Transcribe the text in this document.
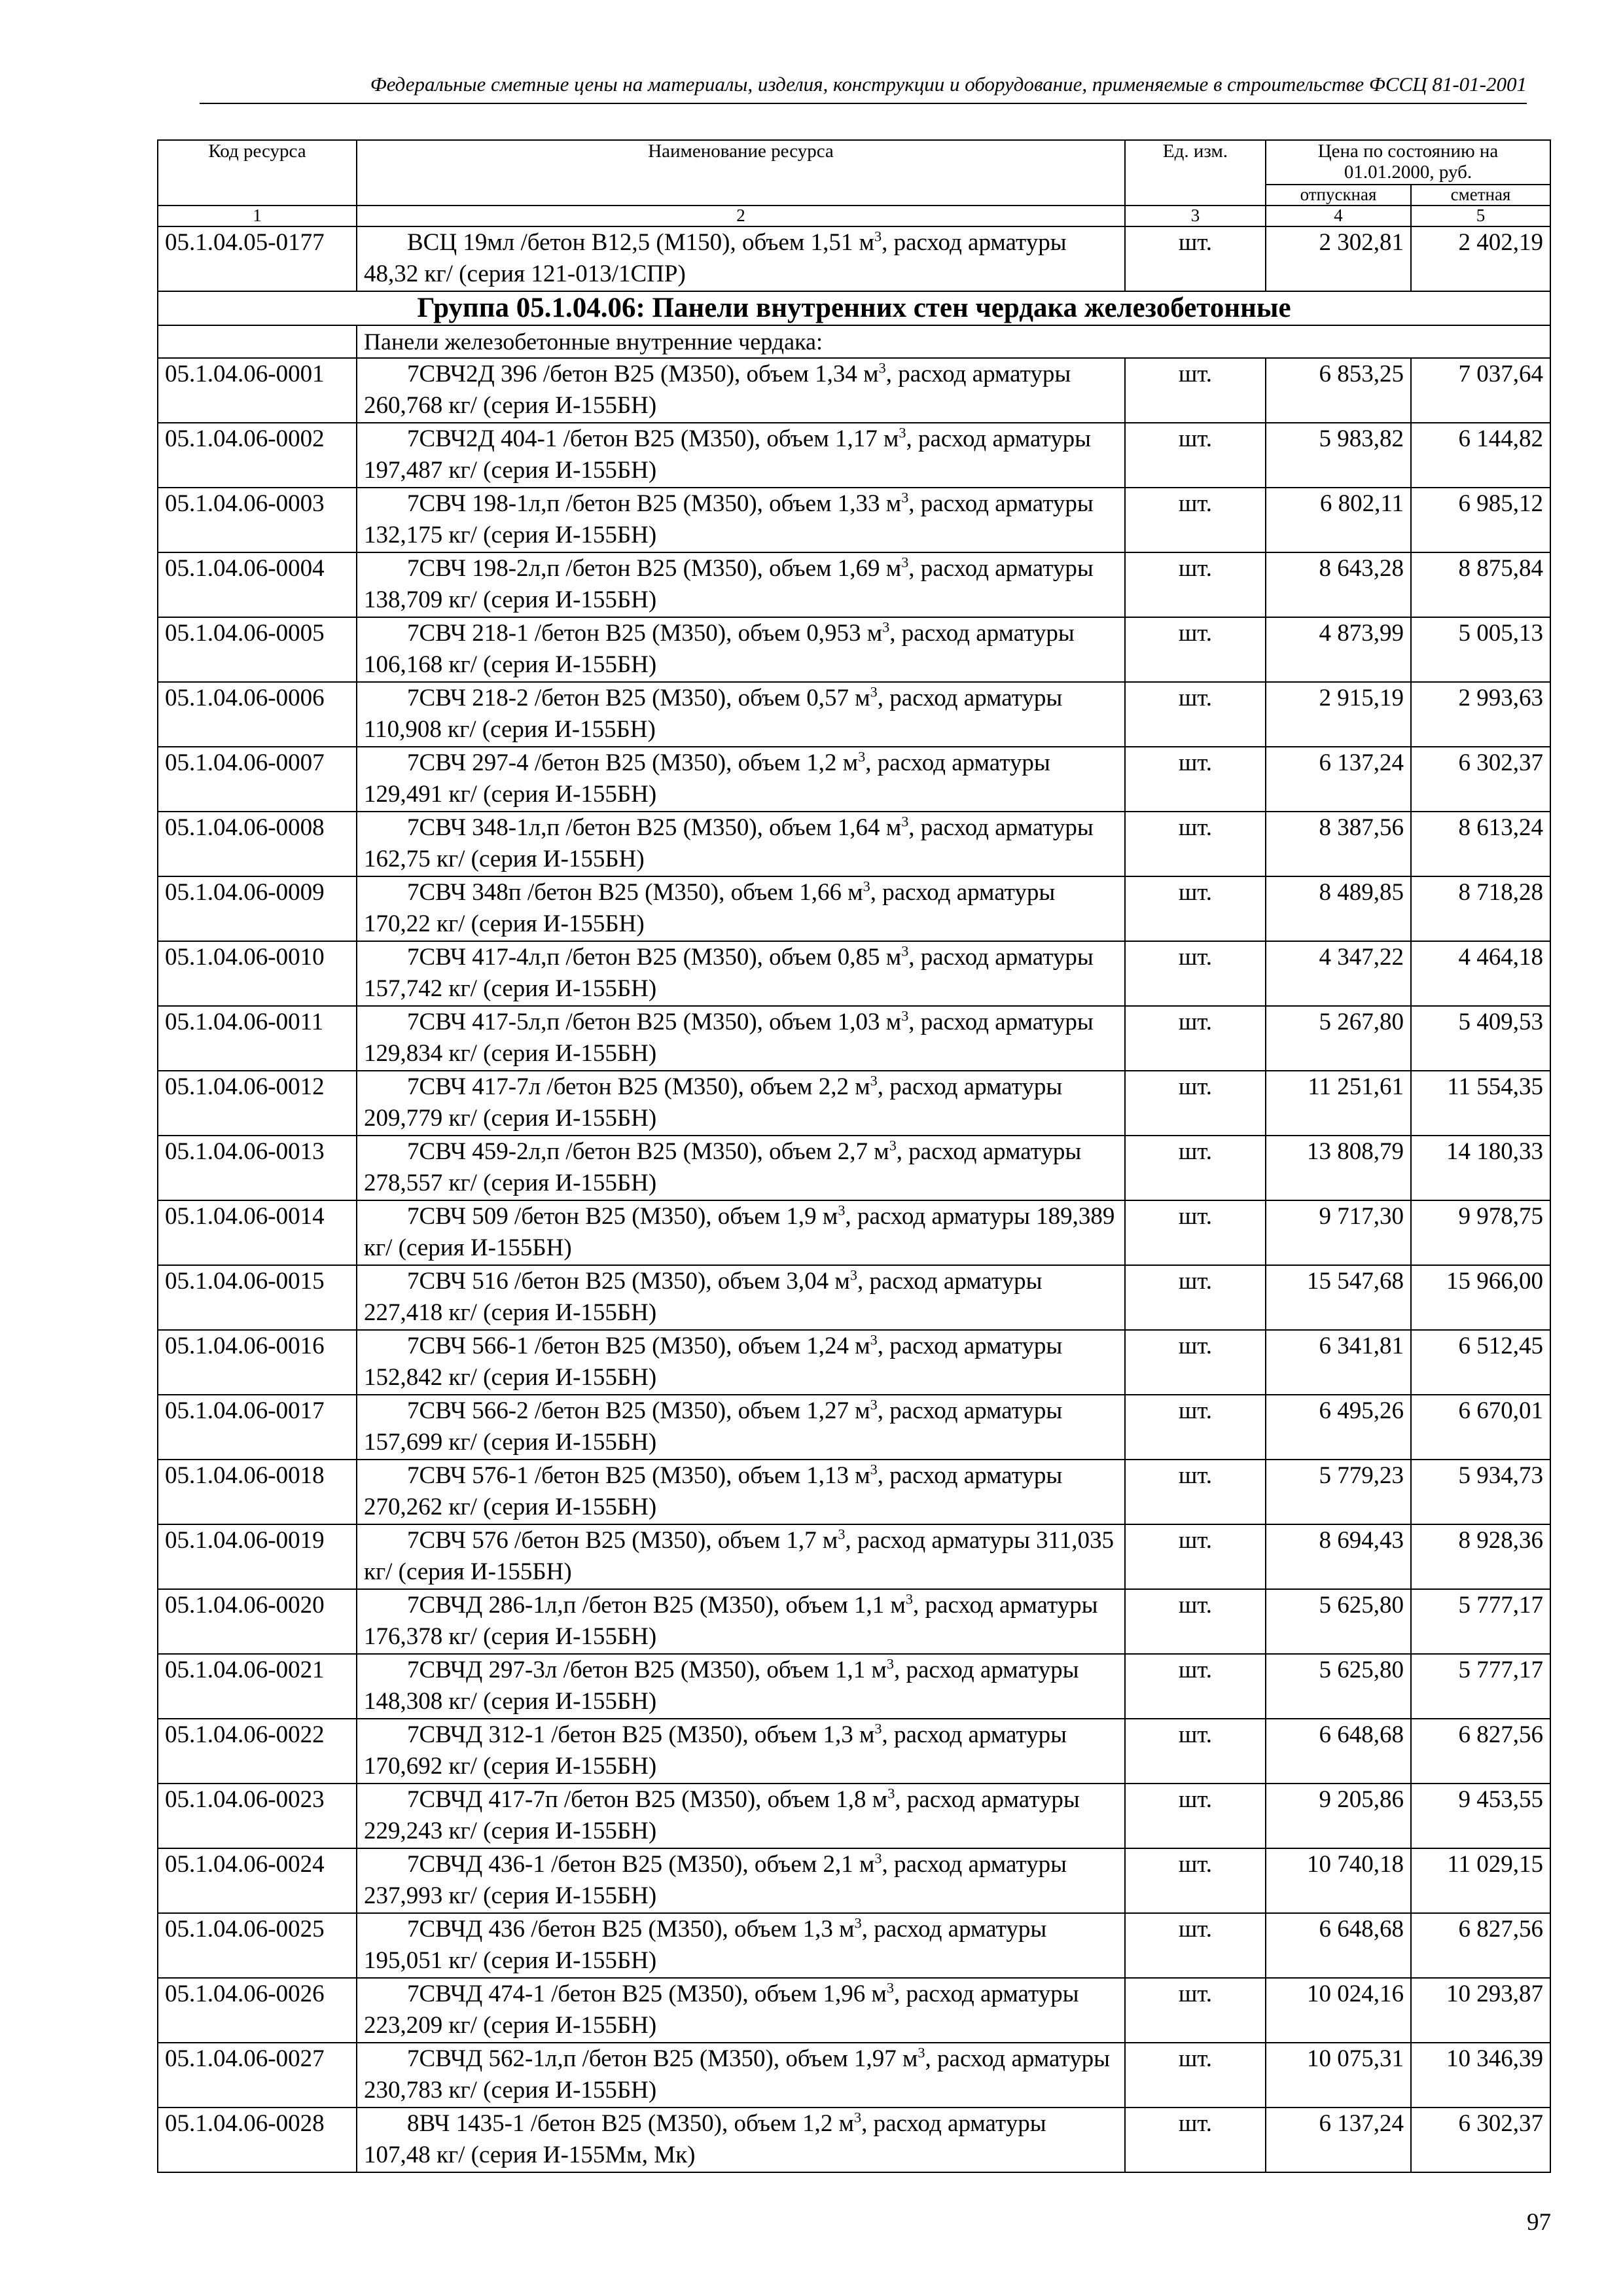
Федеральные сметные цены на материалы, изделия, конструкции и оборудование, применяемые в строительстве ФССЦ 81-01-2001
Код ресурса	Наименование ресурса	Ед. изм.	Цена по состоянию на 01.01.2000, руб.	
			отпускная	сметная
1	2	3	4	5
05.1.04.05-0177	ВСЦ 19мл /бетон В12,5 (М150), объем 1,51 $м^3$, расход арматуры 48,32 кг/ (серия 121-013/1СПР)	шт.	2 302,81	2 402,19
Группа 05.1.04.06: Панели внутренних стен чердака железобетонные				
	Панели железобетонные внутренние чердака:			
05.1.04.06-0001	7СВЧ2Д 396 /бетон В25 (М350), объем 1,34 $м^3$, расход арматуры 260,768 кг/ (серия И-155БН)	шт.	6 853,25	7 037,64
05.1.04.06-0002	7СВЧ2Д 404-1 /бетон В25 (М350), объем 1,17 $м^3$, расход арматуры 197,487 кг/ (серия И-155БН)	шт.	5 983,82	6 144,82
05.1.04.06-0003	7СВЧ 198-1л,п /бетон В25 (М350), объем 1,33 $м^3$, расход арматуры 132,175 кг/ (серия И-155БН)	шт.	6 802,11	6 985,12
05.1.04.06-0004	7СВЧ 198-2л,п /бетон В25 (М350), объем 1,69 $м^3$, расход арматуры 138,709 кг/ (серия И-155БН)	шт.	8 643,28	8 875,84
05.1.04.06-0005	7СВЧ 218-1 /бетон В25 (М350), объем 0,953 $м^3$, расход арматуры 106,168 кг/ (серия И-155БН)	шт.	4 873,99	5 005,13
05.1.04.06-0006	7СВЧ 218-2 /бетон В25 (М350), объем 0,57 $м^3$, расход арматуры 110,908 кг/ (серия И-155БН)	шт.	2 915,19	2 993,63
05.1.04.06-0007	7СВЧ 297-4 /бетон В25 (М350), объем 1,2 $м^3$, расход арматуры 129,491 кг/ (серия И-155БН)	шт.	6 137,24	6 302,37
05.1.04.06-0008	7СВЧ 348-1л,п /бетон В25 (М350), объем 1,64 $м^3$, расход арматуры 162,75 кг/ (серия И-155БН)	шт.	8 387,56	8 613,24
05.1.04.06-0009	7СВЧ 348п /бетон В25 (М350), объем 1,66 $м^3$, расход арматуры 170,22 кг/ (серия И-155БН)	шт.	8 489,85	8 718,28
05.1.04.06-0010	7СВЧ 417-4л,п /бетон В25 (М350), объем 0,85 $м^3$, расход арматуры 157,742 кг/ (серия И-155БН)	шт.	4 347,22	4 464,18
05.1.04.06-0011	7СВЧ 417-5л,п /бетон В25 (М350), объем 1,03 $м^3$, расход арматуры 129,834 кг/ (серия И-155БН)	шт.	5 267,80	5 409,53
05.1.04.06-0012	7СВЧ 417-7л /бетон В25 (М350), объем 2,2 $м^3$, расход арматуры 209,779 кг/ (серия И-155БН)	шт.	11 251,61	11 554,35
05.1.04.06-0013	7СВЧ 459-2л,п /бетон В25 (М350), объем 2,7 $м^3$, расход арматуры 278,557 кг/ (серия И-155БН)	шт.	13 808,79	14 180,33
05.1.04.06-0014	7СВЧ 509 /бетон В25 (М350), объем 1,9 $м^3$, расход арматуры 189,389 кг/ (серия И-155БН)	шт.	9 717,30	9 978,75
05.1.04.06-0015	7СВЧ 516 /бетон В25 (М350), объем 3,04 $м^3$, расход арматуры 227,418 кг/ (серия И-155БН)	шт.	15 547,68	15 966,00
05.1.04.06-0016	7СВЧ 566-1 /бетон В25 (М350), объем 1,24 $м^3$, расход арматуры 152,842 кг/ (серия И-155БН)	шт.	6 341,81	6 512,45
05.1.04.06-0017	7СВЧ 566-2 /бетон В25 (М350), объем 1,27 $м^3$, расход арматуры 157,699 кг/ (серия И-155БН)	шт.	6 495,26	6 670,01
05.1.04.06-0018	7СВЧ 576-1 /бетон В25 (М350), объем 1,13 $м^3$, расход арматуры 270,262 кг/ (серия И-155БН)	шт.	5 779,23	5 934,73
05.1.04.06-0019	7СВЧ 576 /бетон В25 (М350), объем 1,7 $м^3$, расход арматуры 311,035 кг/ (серия И-155БН)	шт.	8 694,43	8 928,36
05.1.04.06-0020	7СВЧД 286-1л,п /бетон В25 (М350), объем 1,1 $м^3$, расход арматуры 176,378 кг/ (серия И-155БН)	шт.	5 625,80	5 777,17
05.1.04.06-0021	7СВЧД 297-3л /бетон В25 (М350), объем 1,1 $м^3$, расход арматуры 148,308 кг/ (серия И-155БН)	шт.	5 625,80	5 777,17
05.1.04.06-0022	7СВЧД 312-1 /бетон В25 (М350), объем 1,3 $м^3$, расход арматуры 170,692 кг/ (серия И-155БН)	шт.	6 648,68	6 827,56
05.1.04.06-0023	7СВЧД 417-7п /бетон В25 (М350), объем 1,8 $м^3$, расход арматуры 229,243 кг/ (серия И-155БН)	шт.	9 205,86	9 453,55
05.1.04.06-0024	7СВЧД 436-1 /бетон В25 (М350), объем 2,1 $м^3$, расход арматуры 237,993 кг/ (серия И-155БН)	шт.	10 740,18	11 029,15
05.1.04.06-0025	7СВЧД 436 /бетон В25 (М350), объем 1,3 $м^3$, расход арматуры 195,051 кг/ (серия И-155БН)	шт.	6 648,68	6 827,56
05.1.04.06-0026	7СВЧД 474-1 /бетон В25 (М350), объем 1,96 $м^3$, расход арматуры 223,209 кг/ (серия И-155БН)	шт.	10 024,16	10 293,87
05.1.04.06-0027	7СВЧД 562-1л,п /бетон В25 (М350), объем 1,97 $м^3$, расход арматуры 230,783 кг/ (серия И-155БН)	шт.	10 075,31	10 346,39
05.1.04.06-0028	8ВЧ 1435-1 /бетон В25 (М350), объем 1,2 $м^3$, расход арматуры 107,48 кг/ (серия И-155Мм, Мк)	шт.	6 137,24	6 302,37
97
